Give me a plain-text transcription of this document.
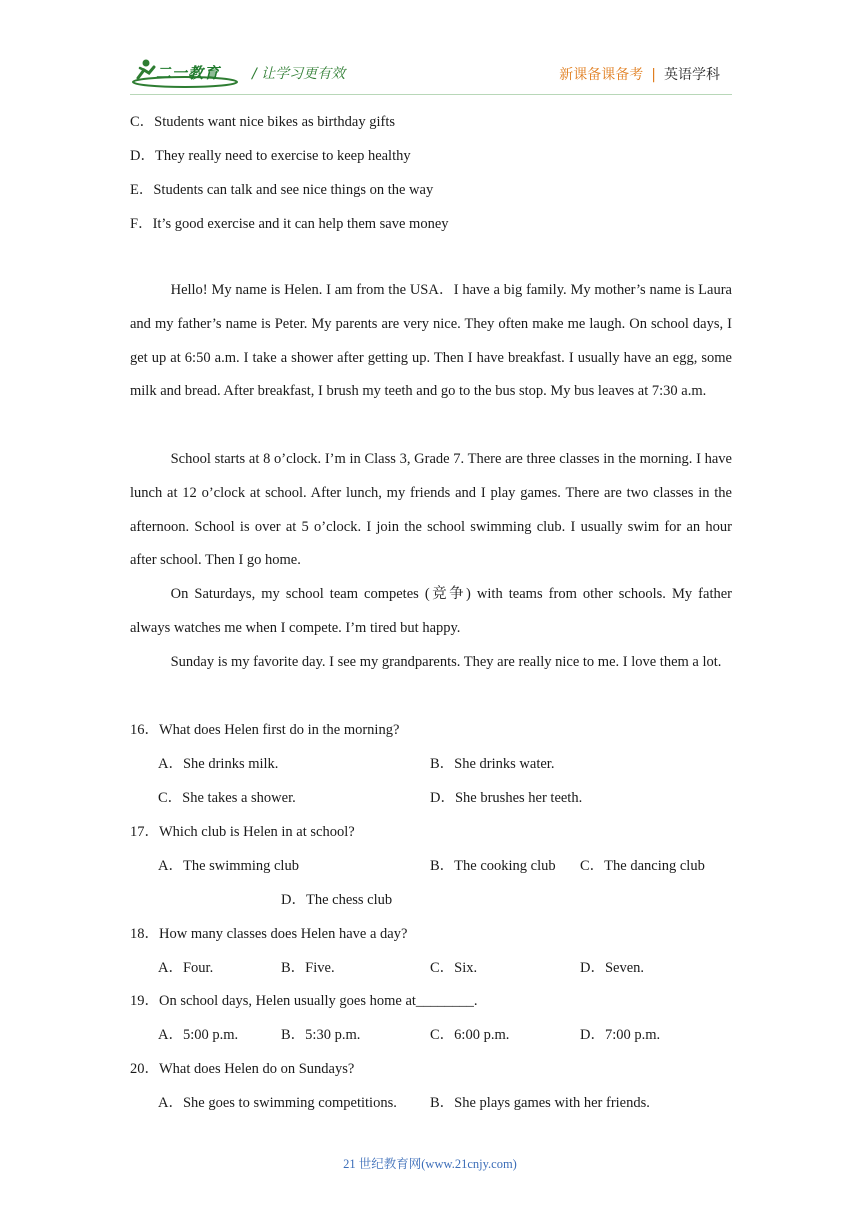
二一教育 / 让学习更有效	新课备课备考 | 英语学科
C．Students want nice bikes as birthday gifts
D．They really need to exercise to keep healthy
E．Students can talk and see nice things on the way
F．It’s good exercise and it can help them save money

Hello! My name is Helen. I am from the USA．I have a big family. My mother’s name is Laura and my father’s name is Peter. My parents are very nice. They often make me laugh. On school days, I get up at 6:50 a.m. I take a shower after getting up. Then I have breakfast. I usually have an egg, some milk and bread. After breakfast, I brush my teeth and go to the bus stop. My bus leaves at 7:30 a.m.

School starts at 8 o’clock. I’m in Class 3, Grade 7. There are three classes in the morning. I have lunch at 12 o’clock at school. After lunch, my friends and I play games. There are two classes in the afternoon. School is over at 5 o’clock. I join the school swimming club. I usually swim for an hour after school. Then I go home.

On Saturdays, my school team competes (竞争) with teams from other schools. My father always watches me when I compete. I’m tired but happy.

Sunday is my favorite day. I see my grandparents. They are really nice to me. I love them a lot.

16．What does Helen first do in the morning?
A．She drinks milk.	B．She drinks water.
C．She takes a shower.	D．She brushes her teeth.
17．Which club is Helen in at school?
A．The swimming club	B．The cooking club C．The dancing club
D．The chess club
18．How many classes does Helen have a day?
A．Four.	B．Five.	C．Six.	D．Seven.
19．On school days, Helen usually goes home at________.
A．5:00 p.m.	B．5:30 p.m.	C．6:00 p.m.	D．7:00 p.m.
20．What does Helen do on Sundays?
A．She goes to swimming competitions. B．She plays games with her friends.
21 世纪教育网(www.21cnjy.com)
